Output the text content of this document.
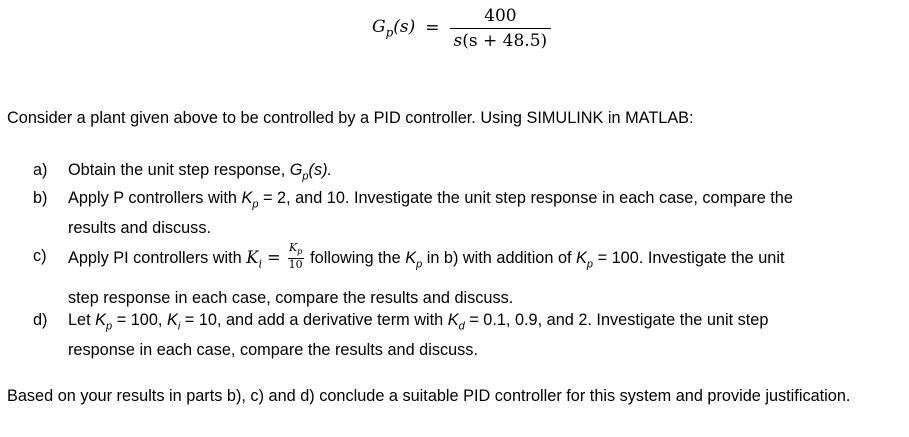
$G_p(s) = \frac{400}{s(s + 48.5)}$
Consider a plant given above to be controlled by a PID controller. Using SIMULINK in MATLAB:
a) Obtain the unit step response, $G_p(s)$.
b) Apply P controllers with $K_p = 2$, and 10. Investigate the unit step response in each case, compare the
results and discuss.
c) Apply PI controllers with $K_i = \frac{K_p}{10}$ following the $K_p$ in b) with addition of $K_p = 100$. Investigate the unit
step response in each case, compare the results and discuss.
d) Let $K_p = 100$, $K_i = 10$, and add a derivative term with $K_d = 0.1$, 0.9, and 2. Investigate the unit step
response in each case, compare the results and discuss.
Based on your results in parts b), c) and d) conclude a suitable PID controller for this system and provide justification.
